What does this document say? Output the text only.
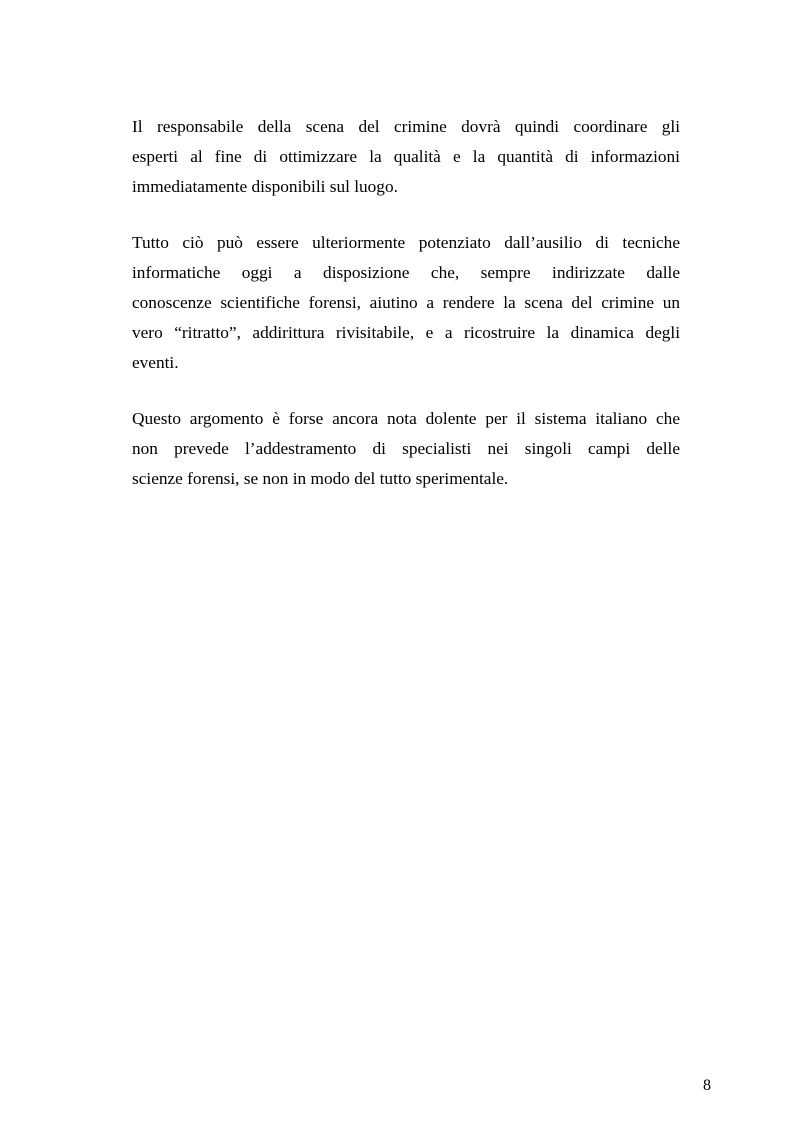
Il responsabile della scena del crimine dovrà quindi coordinare gli
esperti al fine di ottimizzare la qualità e la quantità di informazioni
immediatamente disponibili sul luogo.

Tutto ciò può essere ulteriormente potenziato dall’ausilio di tecniche
informatiche oggi a disposizione che, sempre indirizzate dalle
conoscenze scientifiche forensi, aiutino a rendere la scena del crimine un
vero “ritratto”, addirittura rivisitabile, e a ricostruire la dinamica degli
eventi.

Questo argomento è forse ancora nota dolente per il sistema italiano che
non prevede l’addestramento di specialisti nei singoli campi delle
scienze forensi, se non in modo del tutto sperimentale.

8
